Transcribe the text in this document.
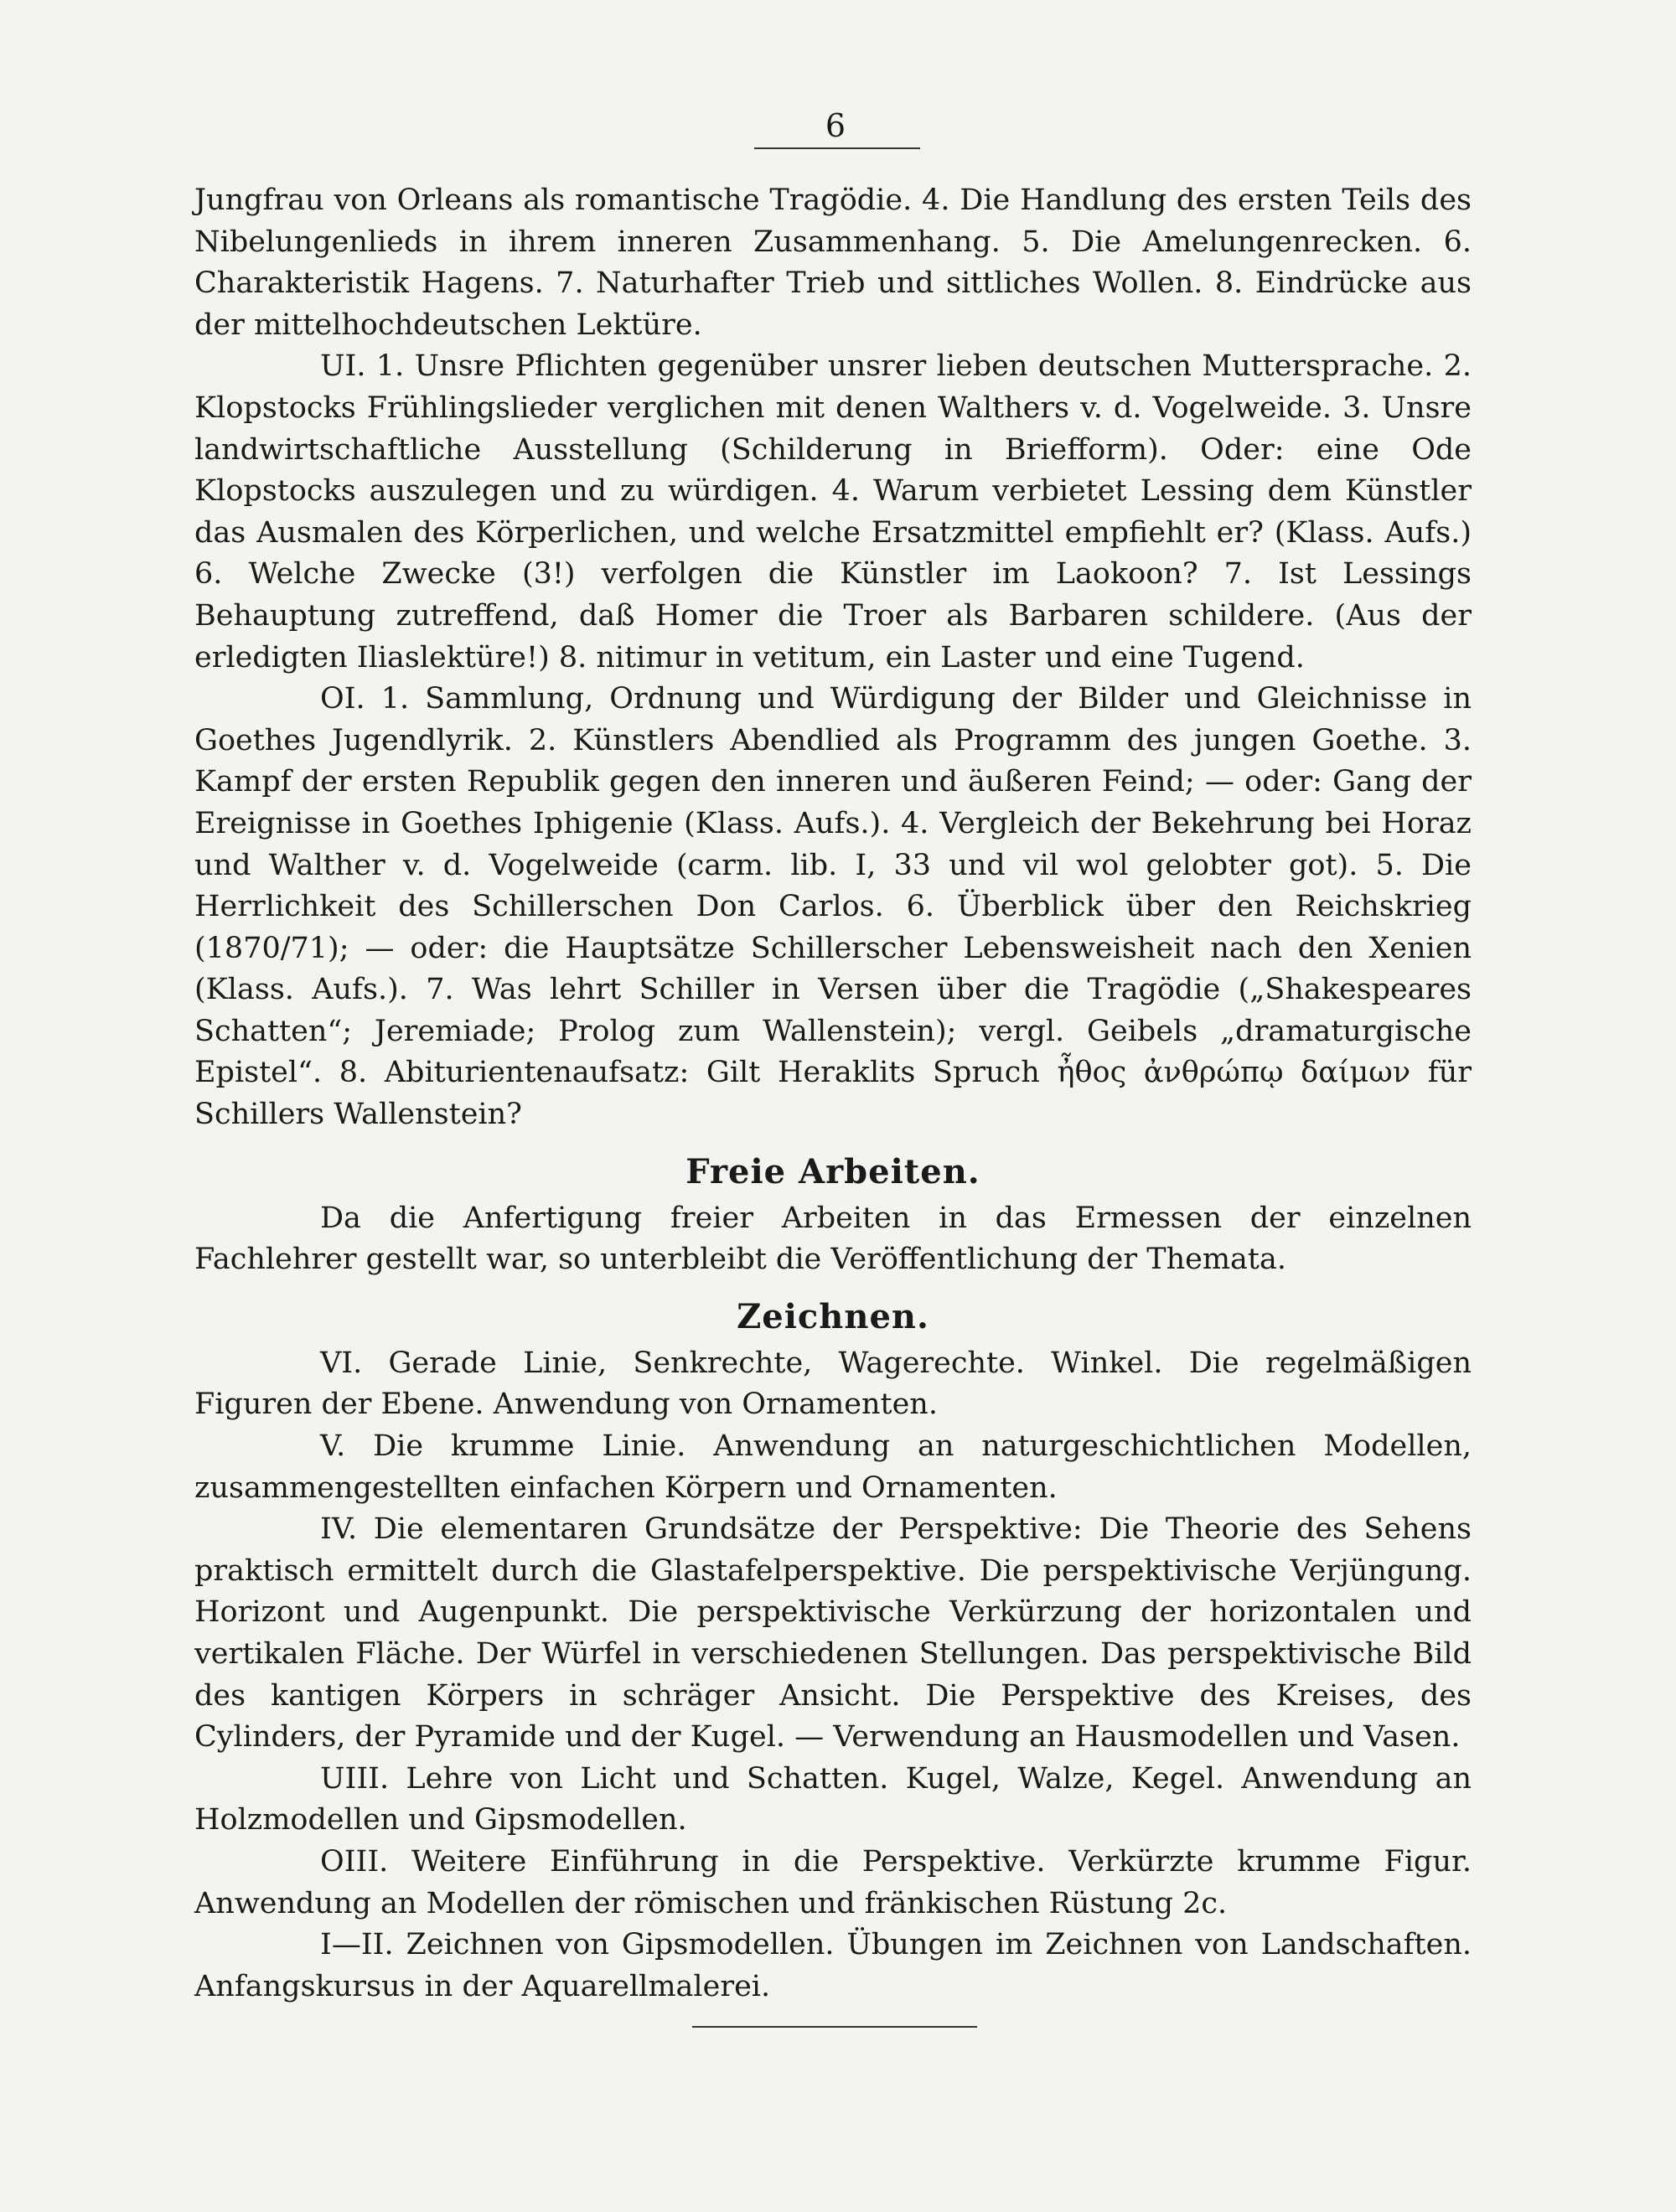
6

Jungfrau von Orleans als romantische Tragödie. 4. Die Handlung des ersten Teils des Nibelungenlieds in ihrem inneren Zusammenhang. 5. Die Amelungenrecken. 6. Charakteristik Hagens. 7. Naturhafter Trieb und sittliches Wollen. 8. Eindrücke aus der mittelhochdeutschen Lektüre.

UI. 1. Unsre Pflichten gegenüber unsrer lieben deutschen Muttersprache. 2. Klopstocks Frühlingslieder verglichen mit denen Walthers v. d. Vogelweide. 3. Unsre landwirtschaftliche Ausstellung (Schilderung in Briefform). Oder: eine Ode Klopstocks auszulegen und zu würdigen. 4. Warum verbietet Lessing dem Künstler das Ausmalen des Körperlichen, und welche Ersatzmittel empfiehlt er? (Klass. Aufs.) 6. Welche Zwecke (3!) verfolgen die Künstler im Laokoon? 7. Ist Lessings Behauptung zutreffend, daß Homer die Troer als Barbaren schildere. (Aus der erledigten Iliaslektüre!) 8. nitimur in vetitum, ein Laster und eine Tugend.

OI. 1. Sammlung, Ordnung und Würdigung der Bilder und Gleichnisse in Goethes Jugendlyrik. 2. Künstlers Abendlied als Programm des jungen Goethe. 3. Kampf der ersten Republik gegen den inneren und äußeren Feind; — oder: Gang der Ereignisse in Goethes Iphigenie (Klass. Aufs.). 4. Vergleich der Bekehrung bei Horaz und Walther v. d. Vogelweide (carm. lib. I, 33 und vil wol gelobter got). 5. Die Herrlichkeit des Schillerschen Don Carlos. 6. Überblick über den Reichskrieg (1870/71); — oder: die Hauptsätze Schillerscher Lebensweisheit nach den Xenien (Klass. Aufs.). 7. Was lehrt Schiller in Versen über die Tragödie („Shakespeares Schatten“; Jeremiade; Prolog zum Wallenstein); vergl. Geibels „dramaturgische Epistel“. 8. Abiturientenaufsatz: Gilt Heraklits Spruch ἦθος ἀνθρώπῳ δαίμων für Schillers Wallenstein?

Freie Arbeiten.

Da die Anfertigung freier Arbeiten in das Ermessen der einzelnen Fachlehrer gestellt war, so unterbleibt die Veröffentlichung der Themata.

Zeichnen.

VI. Gerade Linie, Senkrechte, Wagerechte. Winkel. Die regelmäßigen Figuren der Ebene. Anwendung von Ornamenten.

V. Die krumme Linie. Anwendung an naturgeschichtlichen Modellen, zusammengestellten einfachen Körpern und Ornamenten.

IV. Die elementaren Grundsätze der Perspektive: Die Theorie des Sehens praktisch ermittelt durch die Glastafelperspektive. Die perspektivische Verjüngung. Horizont und Augenpunkt. Die perspektivische Verkürzung der horizontalen und vertikalen Fläche. Der Würfel in verschiedenen Stellungen. Das perspektivische Bild des kantigen Körpers in schräger Ansicht. Die Perspektive des Kreises, des Cylinders, der Pyramide und der Kugel. — Verwendung an Hausmodellen und Vasen.

UIII. Lehre von Licht und Schatten. Kugel, Walze, Kegel. Anwendung an Holzmodellen und Gipsmodellen.

OIII. Weitere Einführung in die Perspektive. Verkürzte krumme Figur. Anwendung an Modellen der römischen und fränkischen Rüstung 2c.

I—II. Zeichnen von Gipsmodellen. Übungen im Zeichnen von Landschaften. Anfangskursus in der Aquarellmalerei.
